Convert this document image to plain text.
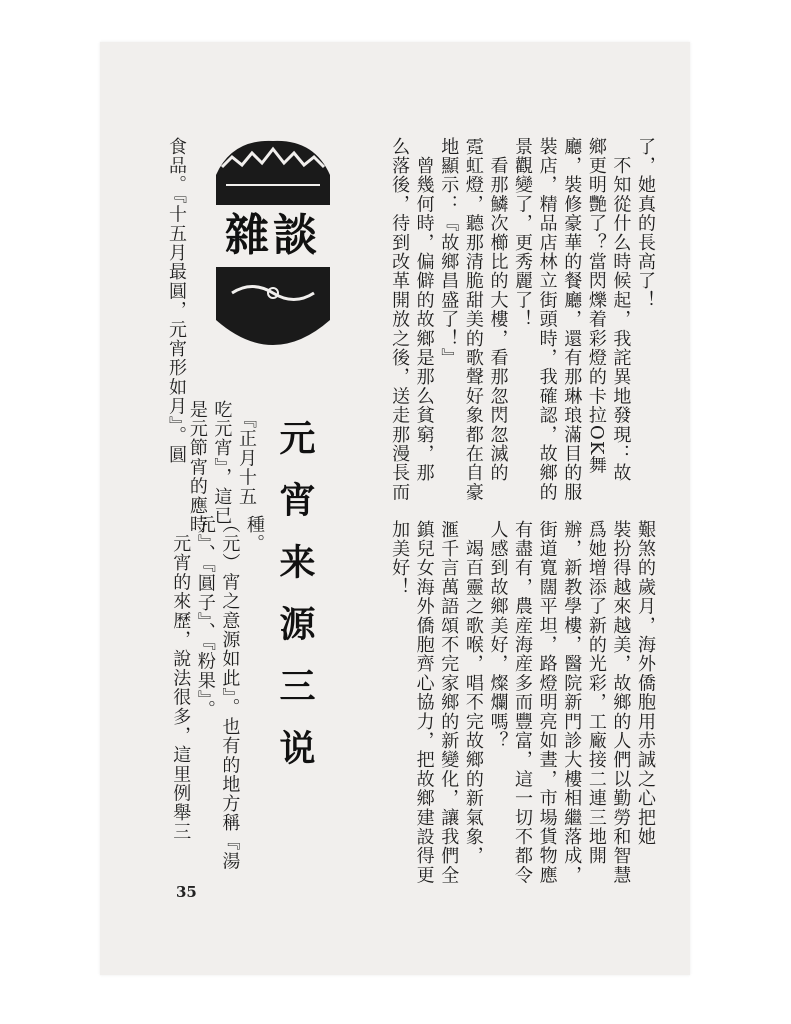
了，她真的長高了！
　不知從什么時候起，我詫異地發現：故
鄉更明艷了？當閃爍着彩燈的卡拉OK舞
廳，裝修豪華的餐廳，還有那琳琅滿目的服
裝店，精品店林立街頭時，我確認，故鄉的
景觀變了，更秀麗了！
　看那鱗次櫛比的大樓，看那忽閃忽滅的
霓虹燈，聽那清脆甜美的歌聲好象都在自豪
地顯示：『故鄉昌盛了！』
　曾幾何時，偏僻的故鄉是那么貧窮，那
么落後，待到改革開放之後，送走那漫長而

艱煞的歲月，海外僑胞用赤誠之心把她
裝扮得越來越美，故鄉的人們以勤勞和智慧
爲她增添了新的光彩，工廠接二連三地開
辦，新教學樓，醫院新門診大樓相繼落成，
街道寬闊平坦，路燈明亮如晝，市場貨物應
有盡有，農産海産多而豐富，這一切不都令
人感到故鄉美好，燦爛嗎？
　竭百靈之歌喉，唱不完故鄉的新氣象，
滙千言萬語頌不完家鄉的新變化，讓我們全
鎮兒女海外僑胞齊心協力，把故鄉建設得更
加美好！

雜談
元宵来源三说

食品。『十五月最圓，元宵形如月』。圓	　『正月十五
吃元宵』，這已
是元節宵的應時	種。
（元）宵之意源如此』。也有的地方稱『湯
元』、『圓子』、『粉果』。
　元宵的來歷，說法很多，這里例舉三

35
